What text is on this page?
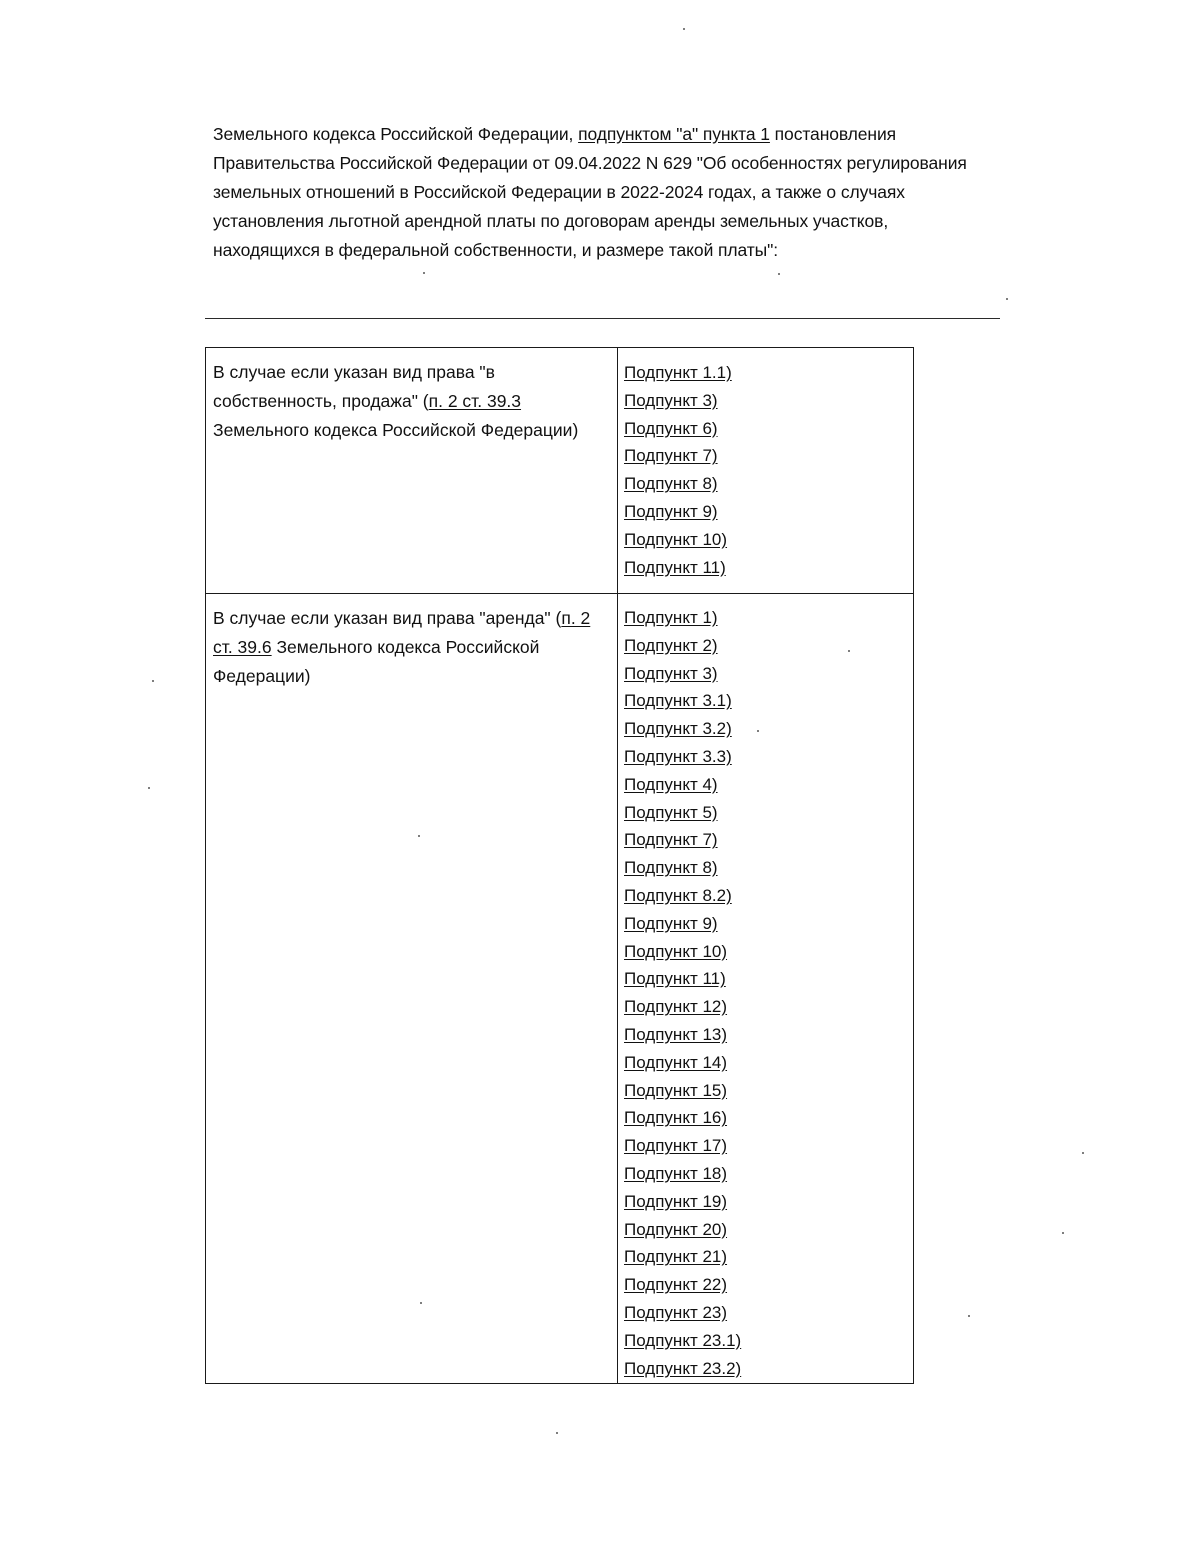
Земельного кодекса Российской Федерации, подпунктом "а" пункта 1 постановления
Правительства Российской Федерации от 09.04.2022 N 629 "Об особенностях регулирования
земельных отношений в Российской Федерации в 2022-2024 годах, а также о случаях
установления льготной арендной платы по договорам аренды земельных участков,
находящихся в федеральной собственности, и размере такой платы":
В случае если указан вид права "в
собственность, продажа" (п. 2 ст. 39.3
Земельного кодекса Российской Федерации)
Подпункт 1.1)
Подпункт 3)
Подпункт 6)
Подпункт 7)
Подпункт 8)
Подпункт 9)
Подпункт 10)
Подпункт 11)
В случае если указан вид права "аренда" (п. 2
ст. 39.6 Земельного кодекса Российской
Федерации)
Подпункт 1)
Подпункт 2)
Подпункт 3)
Подпункт 3.1)
Подпункт 3.2)
Подпункт 3.3)
Подпункт 4)
Подпункт 5)
Подпункт 7)
Подпункт 8)
Подпункт 8.2)
Подпункт 9)
Подпункт 10)
Подпункт 11)
Подпункт 12)
Подпункт 13)
Подпункт 14)
Подпункт 15)
Подпункт 16)
Подпункт 17)
Подпункт 18)
Подпункт 19)
Подпункт 20)
Подпункт 21)
Подпункт 22)
Подпункт 23)
Подпункт 23.1)
Подпункт 23.2)
